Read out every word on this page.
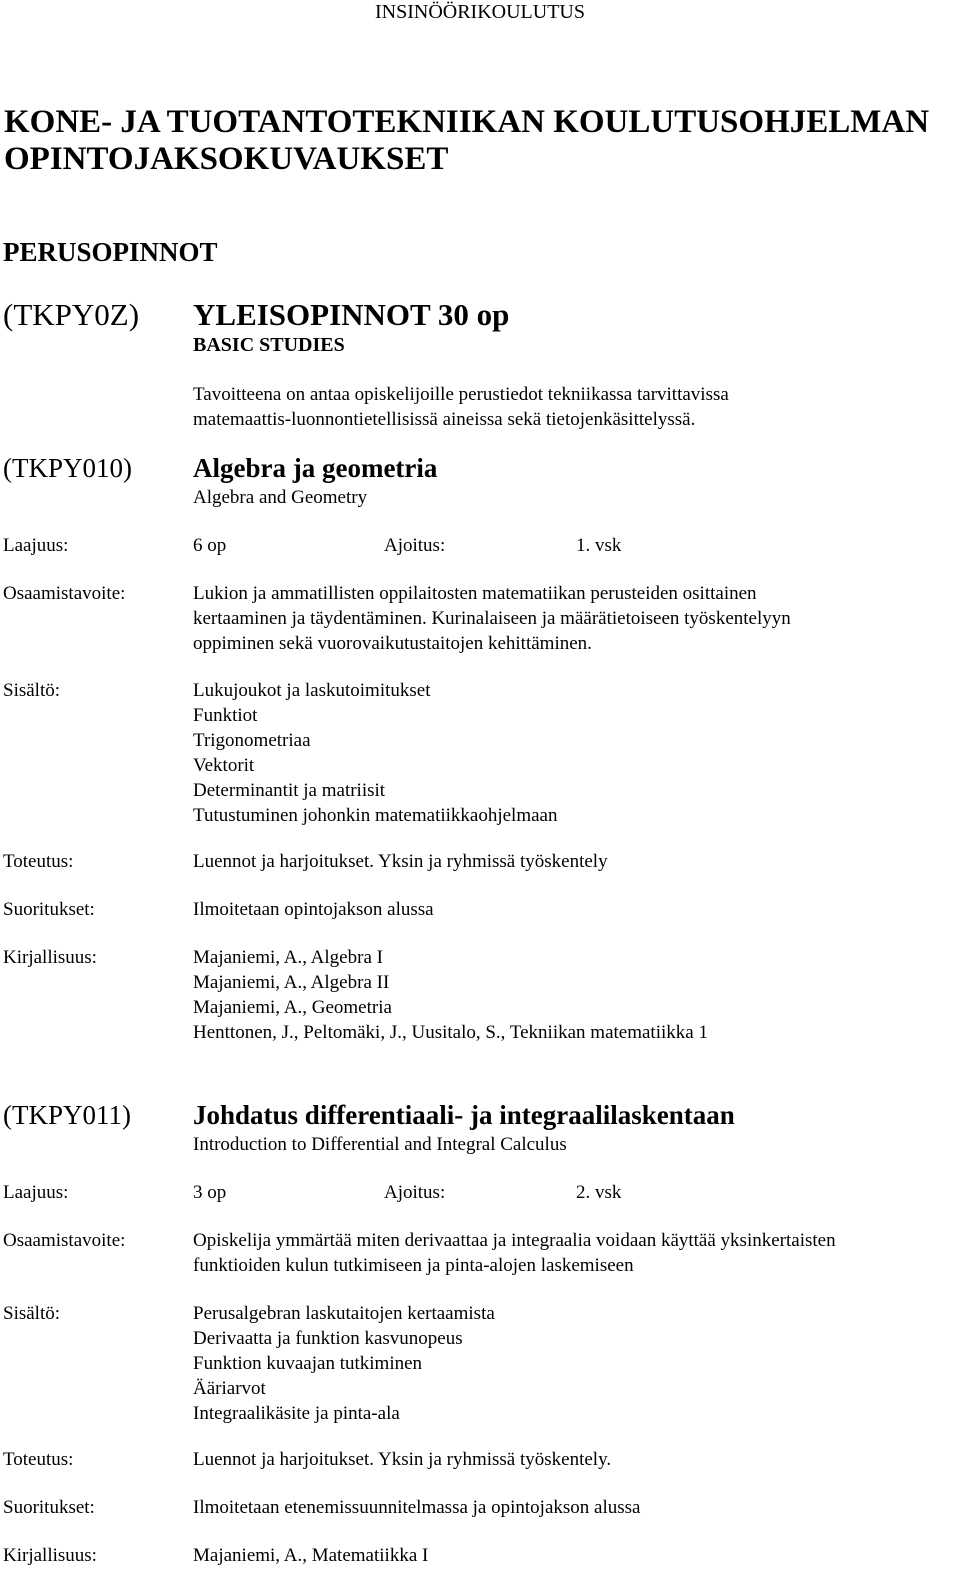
INSINÖÖRIKOULUTUS
KONE- JA TUOTANTOTEKNIIKAN KOULUTUSOHJELMAN
OPINTOJAKSOKUVAUKSET
PERUSOPINNOT
(TKPY0Z) YLEISOPINNOT 30 op
BASIC STUDIES
Tavoitteena on antaa opiskelijoille perustiedot tekniikassa tarvittavissa
matemaattis-luonnontietellisissä aineissa sekä tietojenkäsittelyssä.
(TKPY010) Algebra ja geometria
Algebra and Geometry
Laajuus:	6 op	Ajoitus:	1. vsk
Osaamistavoite:	Lukion ja ammatillisten oppilaitosten matematiikan perusteiden osittainen
kertaaminen ja täydentäminen. Kurinalaiseen ja määrätietoiseen työskentelyyn
oppiminen sekä vuorovaikutustaitojen kehittäminen.
Sisältö:	Lukujoukot ja laskutoimitukset
Funktiot
Trigonometriaa
Vektorit
Determinantit ja matriisit
Tutustuminen johonkin matematiikkaohjelmaan
Toteutus:	Luennot ja harjoitukset. Yksin ja ryhmissä työskentely
Suoritukset:	Ilmoitetaan opintojakson alussa
Kirjallisuus:	Majaniemi, A., Algebra I
Majaniemi, A., Algebra II
Majaniemi, A., Geometria
Henttonen, J., Peltomäki, J., Uusitalo, S., Tekniikan matematiikka 1
(TKPY011) Johdatus differentiaali- ja integraalilaskentaan
Introduction to Differential and Integral Calculus
Laajuus:	3 op	Ajoitus:	2. vsk
Osaamistavoite:	Opiskelija ymmärtää miten derivaattaa ja integraalia voidaan käyttää yksinkertaisten
funktioiden kulun tutkimiseen ja pinta-alojen laskemiseen
Sisältö:	Perusalgebran laskutaitojen kertaamista
Derivaatta ja funktion kasvunopeus
Funktion kuvaajan tutkiminen
Ääriarvot
Integraalikäsite ja pinta-ala
Toteutus:	Luennot ja harjoitukset. Yksin ja ryhmissä työskentely.
Suoritukset:	Ilmoitetaan etenemissuunnitelmassa ja opintojakson alussa
Kirjallisuus:	Majaniemi, A., Matematiikka I
